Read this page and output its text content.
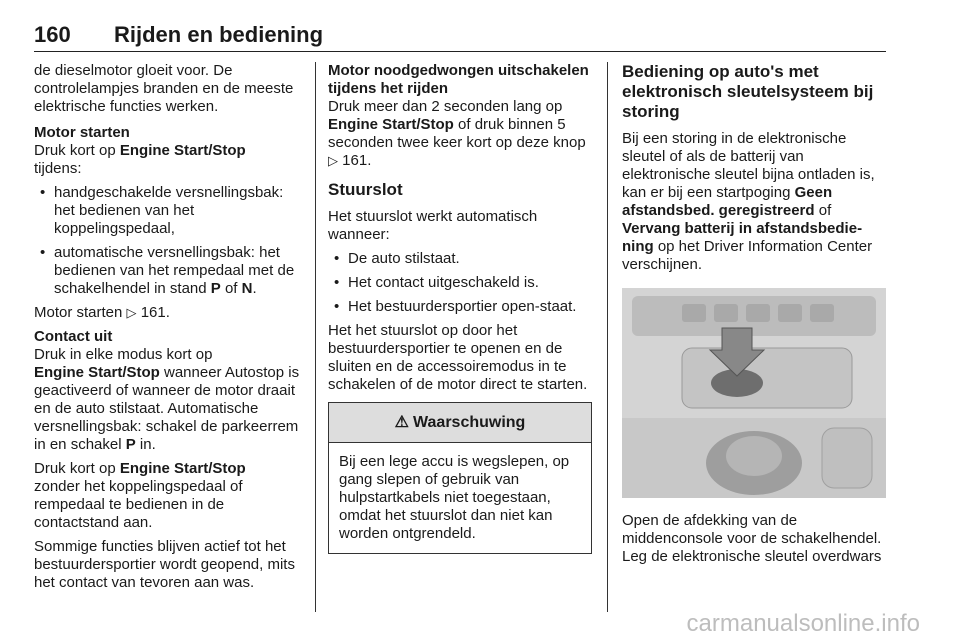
160 Rijden en bediening

de dieselmotor gloeit voor. De controlelampjes branden en de meeste elektrische functies werken.

Motor starten
Druk kort op Engine Start/Stop

tijdens:

• handgeschakelde versnellingsbak: het bedienen van het koppelingspedaal,
• automatische versnellingsbak: het bedienen van het rempedaal met de schakelhendel in stand P of N.

Motor starten ▷ 161.

Contact uit
Druk in elke modus kort op

Engine Start/Stop wanneer Autostop is geactiveerd of wanneer de motor draait en de auto stilstaat. Automatische versnellingsbak: schakel de parkeerrem in en schakel P in.

Druk kort op Engine Start/Stop

zonder het koppelingspedaal of rempedaal te bedienen in de contactstand aan.

Sommige functies blijven actief tot het bestuurdersportier wordt geopend, mits het contact van tevoren aan was.

Motor noodgedwongen uitschakelen tijdens het rijden
Druk meer dan 2 seconden lang op

Engine Start/Stop of druk binnen 5 seconden twee keer kort op deze knop ▷ 161.

Stuurslot

Het stuurslot werkt automatisch wanneer:

• De auto stilstaat.
• Het contact uitgeschakeld is.
• Het bestuurdersportier open-staat.

Het het stuurslot op door het bestuurdersportier te openen en de sluiten en de accessoiremodus in te schakelen of de motor direct te starten.

⚠ Waarschuwing
Bij een lege accu is wegslepen, op gang slepen of gebruik van hulpstartkabels niet toegestaan, omdat het stuurslot dan niet kan worden ontgrendeld.
Bediening op auto's met elektronisch sleutelsysteem bij storing

Bij een storing in de elektronische sleutel of als de batterij van elektronische sleutel bijna ontladen is, kan er bij een startpoging Geen afstandsbed. geregistreerd of Vervang batterij in afstandsbedie-ning op het Driver Information Center verschijnen.

Open de afdekking van de middenconsole voor de schakelhendel. Leg de elektronische sleutel overdwars

carmanualsonline.info
